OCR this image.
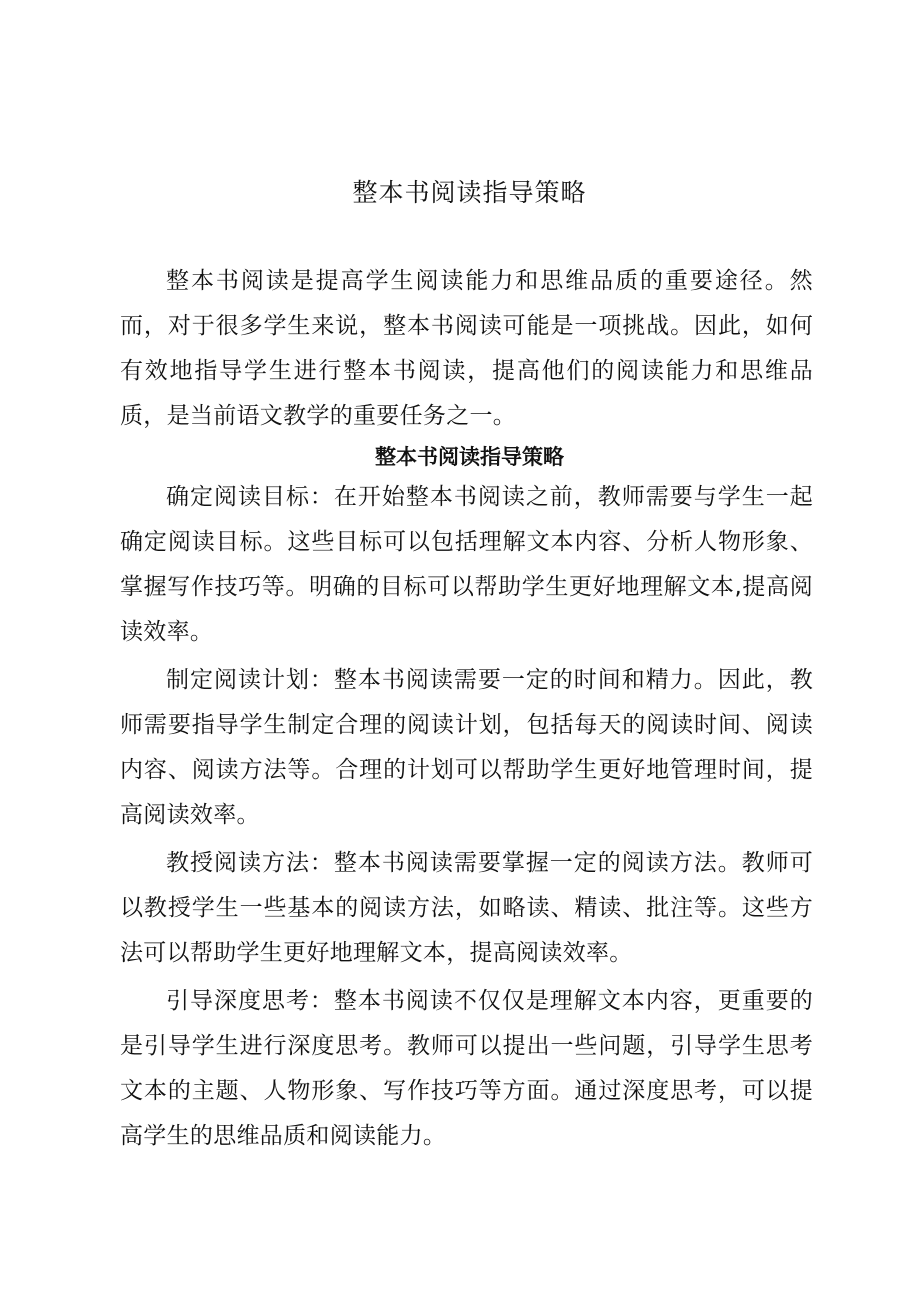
整本书阅读指导策略

整本书阅读是提高学生阅读能力和思维品质的重要途径。然而，对于很多学生来说，整本书阅读可能是一项挑战。因此，如何有效地指导学生进行整本书阅读，提高他们的阅读能力和思维品质，是当前语文教学的重要任务之一。

整本书阅读指导策略

确定阅读目标：在开始整本书阅读之前，教师需要与学生一起确定阅读目标。这些目标可以包括理解文本内容、分析人物形象、掌握写作技巧等。明确的目标可以帮助学生更好地理解文本,提高阅读效率。

制定阅读计划：整本书阅读需要一定的时间和精力。因此，教师需要指导学生制定合理的阅读计划，包括每天的阅读时间、阅读内容、阅读方法等。合理的计划可以帮助学生更好地管理时间，提高阅读效率。

教授阅读方法：整本书阅读需要掌握一定的阅读方法。教师可以教授学生一些基本的阅读方法，如略读、精读、批注等。这些方法可以帮助学生更好地理解文本，提高阅读效率。

引导深度思考：整本书阅读不仅仅是理解文本内容，更重要的是引导学生进行深度思考。教师可以提出一些问题，引导学生思考文本的主题、人物形象、写作技巧等方面。通过深度思考，可以提高学生的思维品质和阅读能力。
